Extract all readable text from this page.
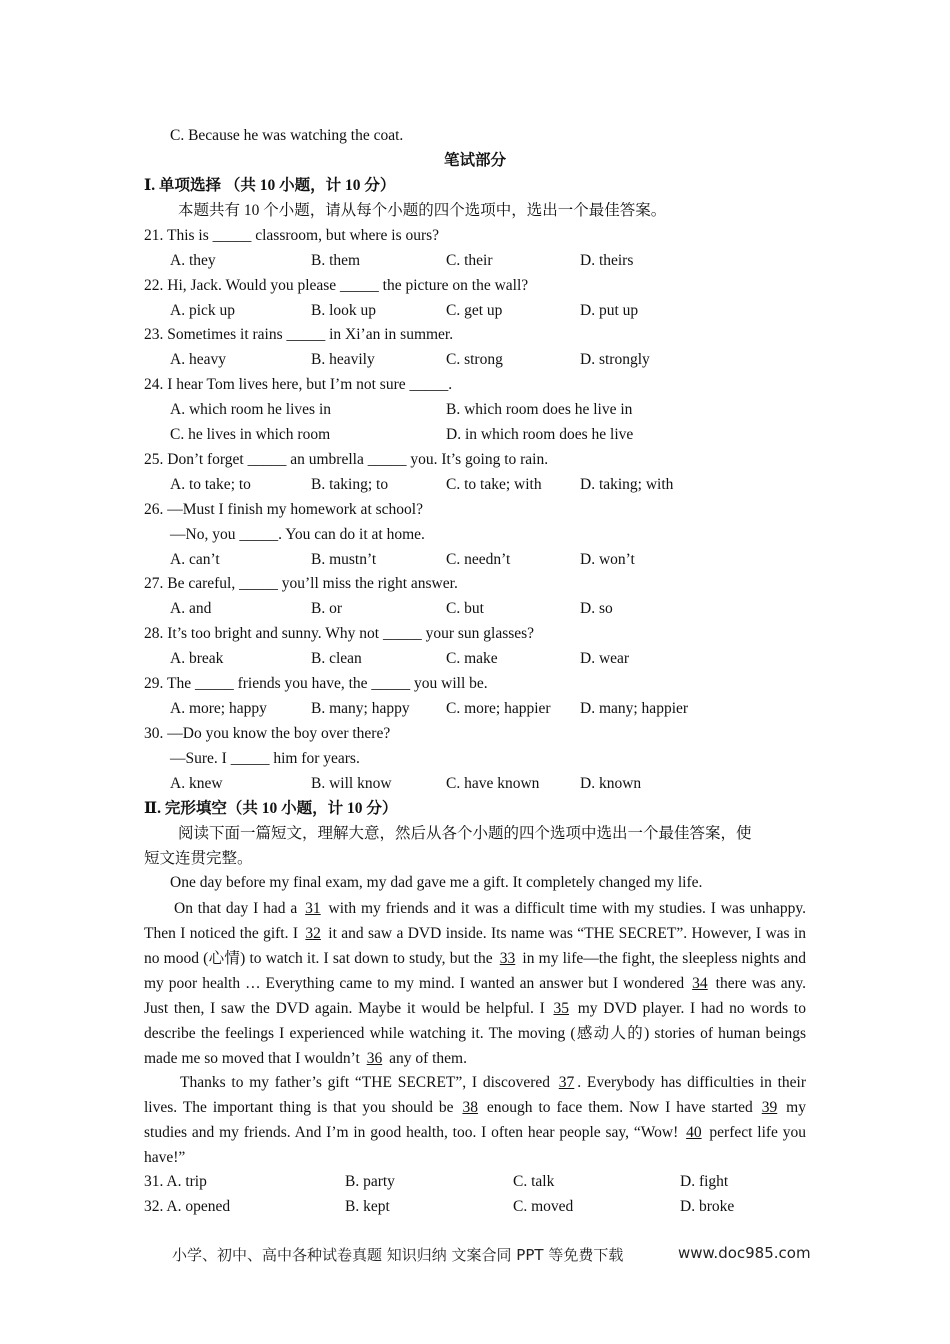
C. Because he was watching the coat.
笔试部分
Ⅰ. 单项选择 （共 10 小题，计 10 分）
本题共有 10 个小题，请从每个小题的四个选项中，选出一个最佳答案。
21. This is _____ classroom, but where is ours?
A. they	B. them	C. their	D. theirs
22. Hi, Jack. Would you please _____ the picture on the wall?
A. pick up	B. look up	C. get up	D. put up
23. Sometimes it rains _____ in Xi’an in summer.
A. heavy	B. heavily	C. strong	D. strongly
24. I hear Tom lives here, but I’m not sure _____.
A. which room he lives in	B. which room does he live in
C. he lives in which room	D. in which room does he live
25. Don’t forget _____ an umbrella _____ you. It’s going to rain.
A. to take; to	B. taking; to	C. to take; with D. taking; with
26. —Must I finish my homework at school?
—No, you _____. You can do it at home.
A. can’t	B. mustn’t	C. needn’t	D. won’t
27. Be careful, _____ you’ll miss the right answer.
A. and	B. or	C. but	D. so
28. It’s too bright and sunny. Why not _____ your sun glasses?
A. break	B. clean	C. make	D. wear
29. The _____ friends you have, the _____ you will be.
A. more; happy	B. many; happy C. more; happier D. many; happier
30. —Do you know the boy over there?
—Sure. I _____ him for years.
A. knew	B. will know	C. have known	D. known
Ⅱ. 完形填空（共 10 小题，计 10 分）
阅读下面一篇短文，理解大意，然后从各个小题的四个选项中选出一个最佳答案，使
短文连贯完整。
One day before my final exam, my dad gave me a gift. It completely changed my life.
On that day I had a 31 with my friends and it was a difficult time with my studies. I was unhappy. Then I noticed the gift. I 32 it and saw a DVD inside. Its name was “THE SECRET”. However, I was in no mood (心情) to watch it. I sat down to study, but the 33 in my life—the fight, the sleepless nights and my poor health … Everything came to my mind. I wanted an answer but I wondered 34 there was any. Just then, I saw the DVD again. Maybe it would be helpful. I 35 my DVD player. I had no words to describe the feelings I experienced while watching it. The moving (感动人的) stories of human beings made me so moved that I wouldn’t 36 any of them.
Thanks to my father’s gift “THE SECRET”, I discovered 37 . Everybody has difficulties in their lives. The important thing is that you should be 38 enough to face them. Now I have started 39 my studies and my friends. And I’m in good health, too. I often hear people say, “Wow! 40 perfect life you have!”
31. A. trip	B. party	C. talk	D. fight
32. A. opened	B. kept	C. moved	D. broke
小学、初中、高中各种试卷真题 知识归纳 文案合同 PPT 等免费下载	www.doc985.com
